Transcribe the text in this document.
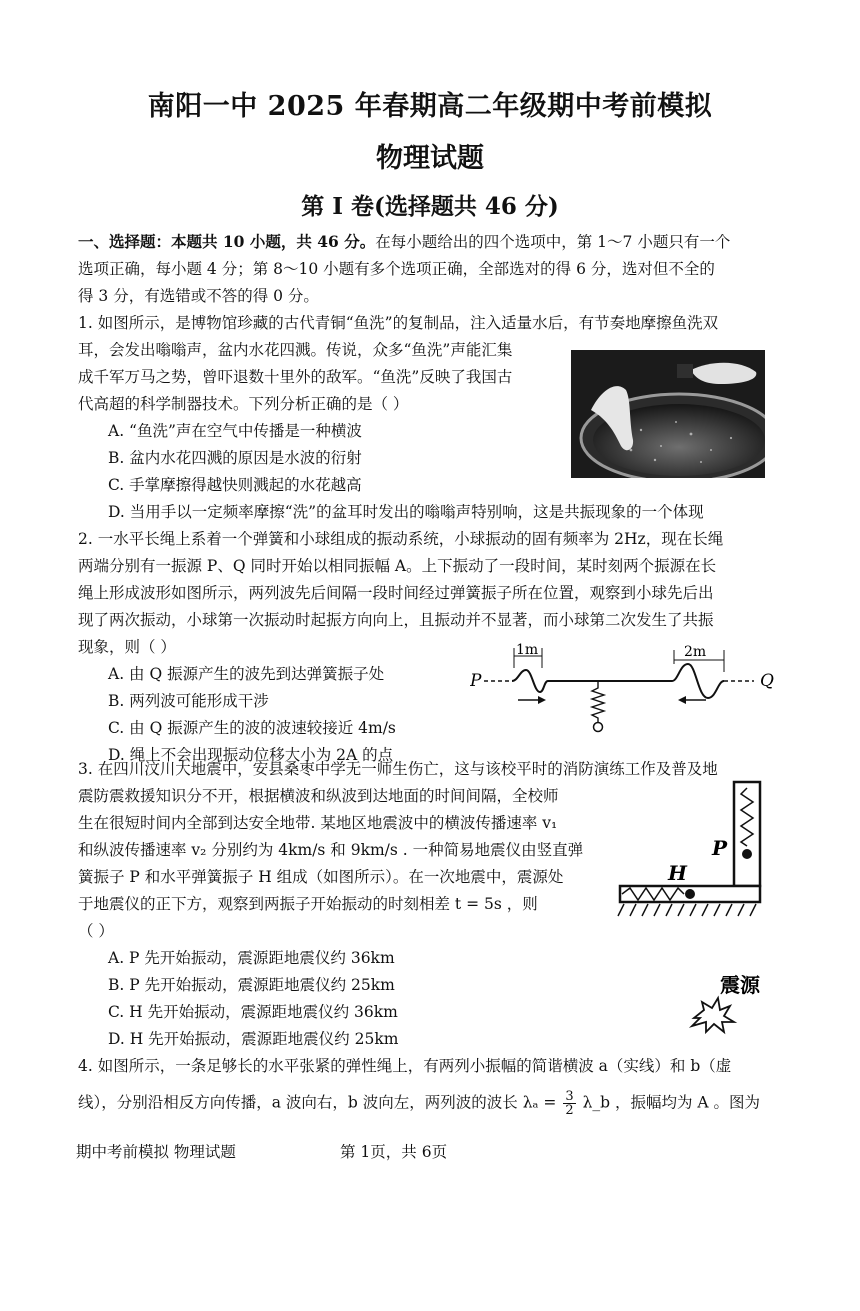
南阳一中 2025 年春期高二年级期中考前模拟
物理试题
第 I 卷(选择题共 46 分)
一、选择题：本题共 10 小题，共 46 分。在每小题给出的四个选项中，第 1～7 小题只有一个
选项正确，每小题 4 分；第 8～10 小题有多个选项正确，全部选对的得 6 分，选对但不全的
得 3 分，有选错或不答的得 0 分。
1. 如图所示，是博物馆珍藏的古代青铜“鱼洗”的复制品，注入适量水后，有节奏地摩擦鱼洗双
耳，会发出嗡嗡声，盆内水花四溅。传说，众多“鱼洗”声能汇集
成千军万马之势，曾吓退数十里外的敌军。“鱼洗”反映了我国古
代高超的科学制器技术。下列分析正确的是（ ）
A. “鱼洗”声在空气中传播是一种横波
B. 盆内水花四溅的原因是水波的衍射
C. 手掌摩擦得越快则溅起的水花越高
D. 当用手以一定频率摩擦“洗”的盆耳时发出的嗡嗡声特别响，这是共振现象的一个体现
2. 一水平长绳上系着一个弹簧和小球组成的振动系统，小球振动的固有频率为 2Hz，现在长绳
两端分别有一振源 P、Q 同时开始以相同振幅 A。上下振动了一段时间，某时刻两个振源在长
绳上形成波形如图所示，两列波先后间隔一段时间经过弹簧振子所在位置，观察到小球先后出
现了两次振动，小球第一次振动时起振方向向上，且振动并不显著，而小球第二次发生了共振
现象，则（ ）
A. 由 Q 振源产生的波先到达弹簧振子处
B. 两列波可能形成干涉
C. 由 Q 振源产生的波的波速较接近 4m/s
D. 绳上不会出现振动位移大小为 2A 的点
P	Q
1m	2m
3. 在四川汶川大地震中，安县桑枣中学无一师生伤亡，这与该校平时的消防演练工作及普及地
震防震救援知识分不开，根据横波和纵波到达地面的时间间隔，全校师
生在很短时间内全部到达安全地带. 某地区地震波中的横波传播速率 v₁
和纵波传播速率 v₂ 分别约为 4km/s 和 9km/s . 一种简易地震仪由竖直弹
簧振子 P 和水平弹簧振子 H 组成（如图所示）。在一次地震中，震源处
于地震仪的正下方，观察到两振子开始振动的时刻相差 t = 5s ，则
（ ）
A. P 先开始振动，震源距地震仪约 36km
B. P 先开始振动，震源距地震仪约 25km
C. H 先开始振动，震源距地震仪约 36km
D. H 先开始振动，震源距地震仪约 25km
P
H
震源
4. 如图所示，一条足够长的水平张紧的弹性绳上，有两列小振幅的简谐横波 a（实线）和 b（虚
线），分别沿相反方向传播，a 波向右，b 波向左，两列波的波长 $\lambda_a = \frac{3}{2}$ λ_b ，振幅均为 A 。图为
期中考前模拟 物理试题	第 1页，共 6页
